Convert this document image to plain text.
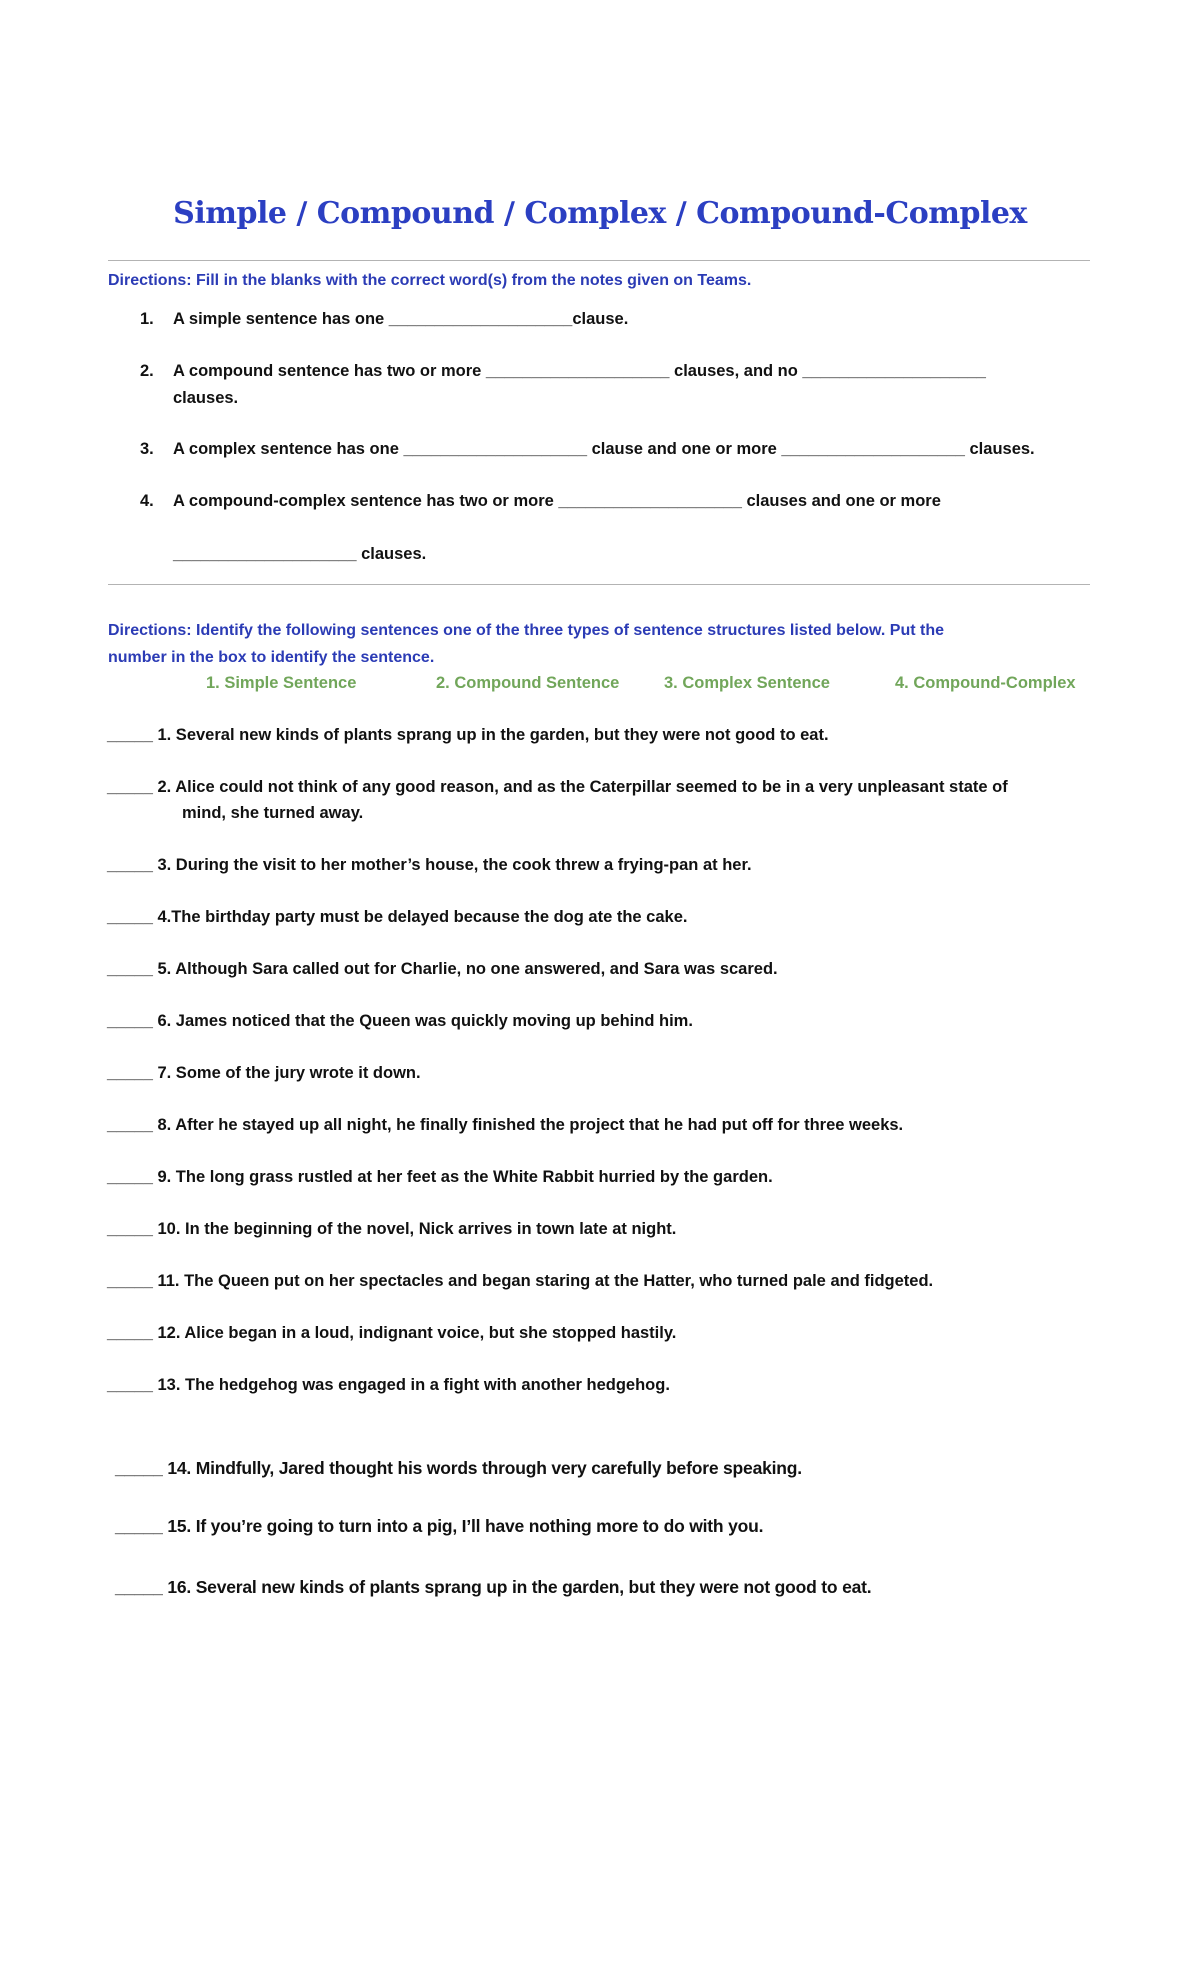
Simple / Compound / Complex / Compound-Complex
Directions: Fill in the blanks with the correct word(s) from the notes given on Teams.
1. A simple sentence has one ____________________clause.
2. A compound sentence has two or more ____________________ clauses, and no ____________________
clauses.
3. A complex sentence has one ____________________ clause and one or more ____________________ clauses.
4. A compound-complex sentence has two or more ____________________ clauses and one or more
____________________ clauses.
Directions: Identify the following sentences one of the three types of sentence structures listed below. Put the
number in the box to identify the sentence.
1. Simple Sentence	2. Compound Sentence	3. Complex Sentence	4. Compound-Complex
_____ 1. Several new kinds of plants sprang up in the garden, but they were not good to eat.
_____ 2. Alice could not think of any good reason, and as the Caterpillar seemed to be in a very unpleasant state of
mind, she turned away.
_____ 3. During the visit to her mother’s house, the cook threw a frying-pan at her.
_____ 4.The birthday party must be delayed because the dog ate the cake.
_____ 5. Although Sara called out for Charlie, no one answered, and Sara was scared.
_____ 6. James noticed that the Queen was quickly moving up behind him.
_____ 7. Some of the jury wrote it down.
_____ 8. After he stayed up all night, he finally finished the project that he had put off for three weeks.
_____ 9. The long grass rustled at her feet as the White Rabbit hurried by the garden.
_____ 10. In the beginning of the novel, Nick arrives in town late at night.
_____ 11. The Queen put on her spectacles and began staring at the Hatter, who turned pale and fidgeted.
_____ 12. Alice began in a loud, indignant voice, but she stopped hastily.
_____ 13. The hedgehog was engaged in a fight with another hedgehog.
_____ 14. Mindfully, Jared thought his words through very carefully before speaking.
_____ 15. If you’re going to turn into a pig, I’ll have nothing more to do with you.
_____ 16. Several new kinds of plants sprang up in the garden, but they were not good to eat.
